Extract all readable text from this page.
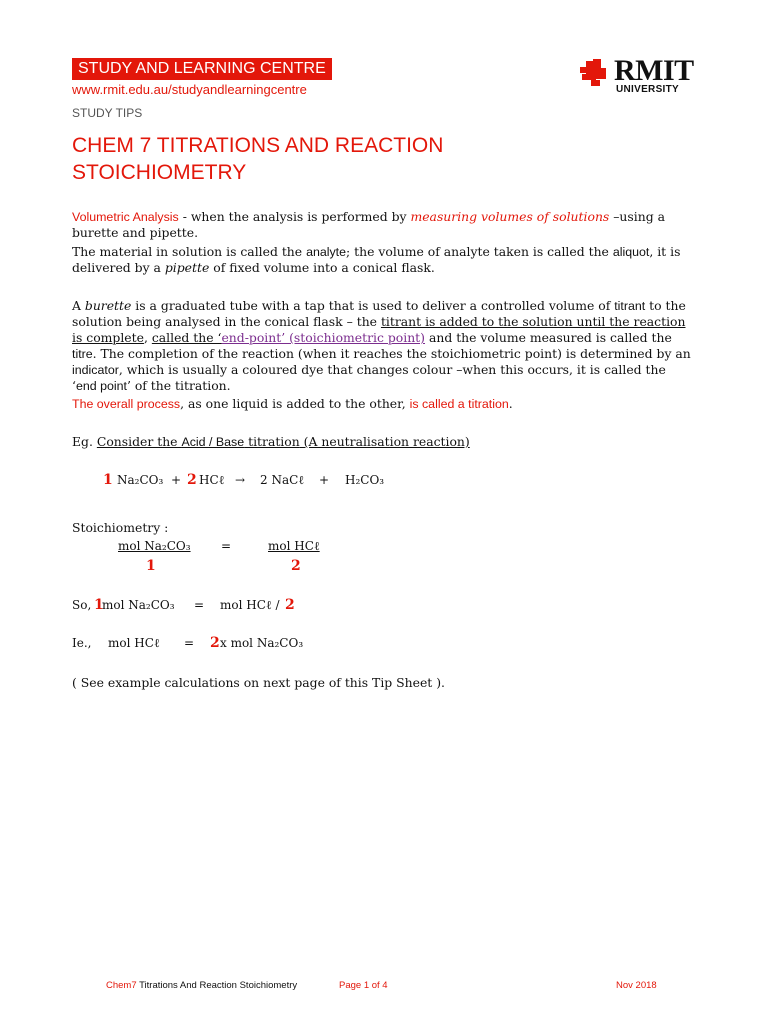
STUDY AND LEARNING CENTRE
www.rmit.edu.au/studyandlearningcentre
STUDY TIPS
RMIT
UNIVERSITY
CHEM 7 TITRATIONS AND REACTION
STOICHIOMETRY
Volumetric Analysis - when the analysis is performed by measuring volumes of solutions –using a burette and pipette.
The material in solution is called the analyte; the volume of analyte taken is called the aliquot, it is delivered by a pipette of fixed volume into a conical flask.
A burette is a graduated tube with a tap that is used to deliver a controlled volume of titrant to the solution being analysed in the conical flask – the titrant is added to the solution until the reaction is complete, called the ‘end-point’ (stoichiometric point) and the volume measured is called the titre. The completion of the reaction (when it reaches the stoichiometric point) is determined by an indicator, which is usually a coloured dye that changes colour –when this occurs, it is called the ‘end point’ of the titration.
The overall process, as one liquid is added to the other, is called a titration.
Eg. Consider the Acid / Base titration (A neutralisation reaction)
1 Na₂CO₃ + 2 HCℓ → 2 NaCℓ + H₂CO₃
Stoichiometry :
mol Na₂CO₃	=	mol HCℓ
1	2
So, 1
mol Na₂CO₃ = mol HCℓ / 2
Ie., mol HCℓ = 2 x mol Na₂CO₃
( See example calculations on next page of this Tip Sheet ).
Chem7 Titrations And Reaction Stoichiometry	Page 1 of 4	Nov 2018
